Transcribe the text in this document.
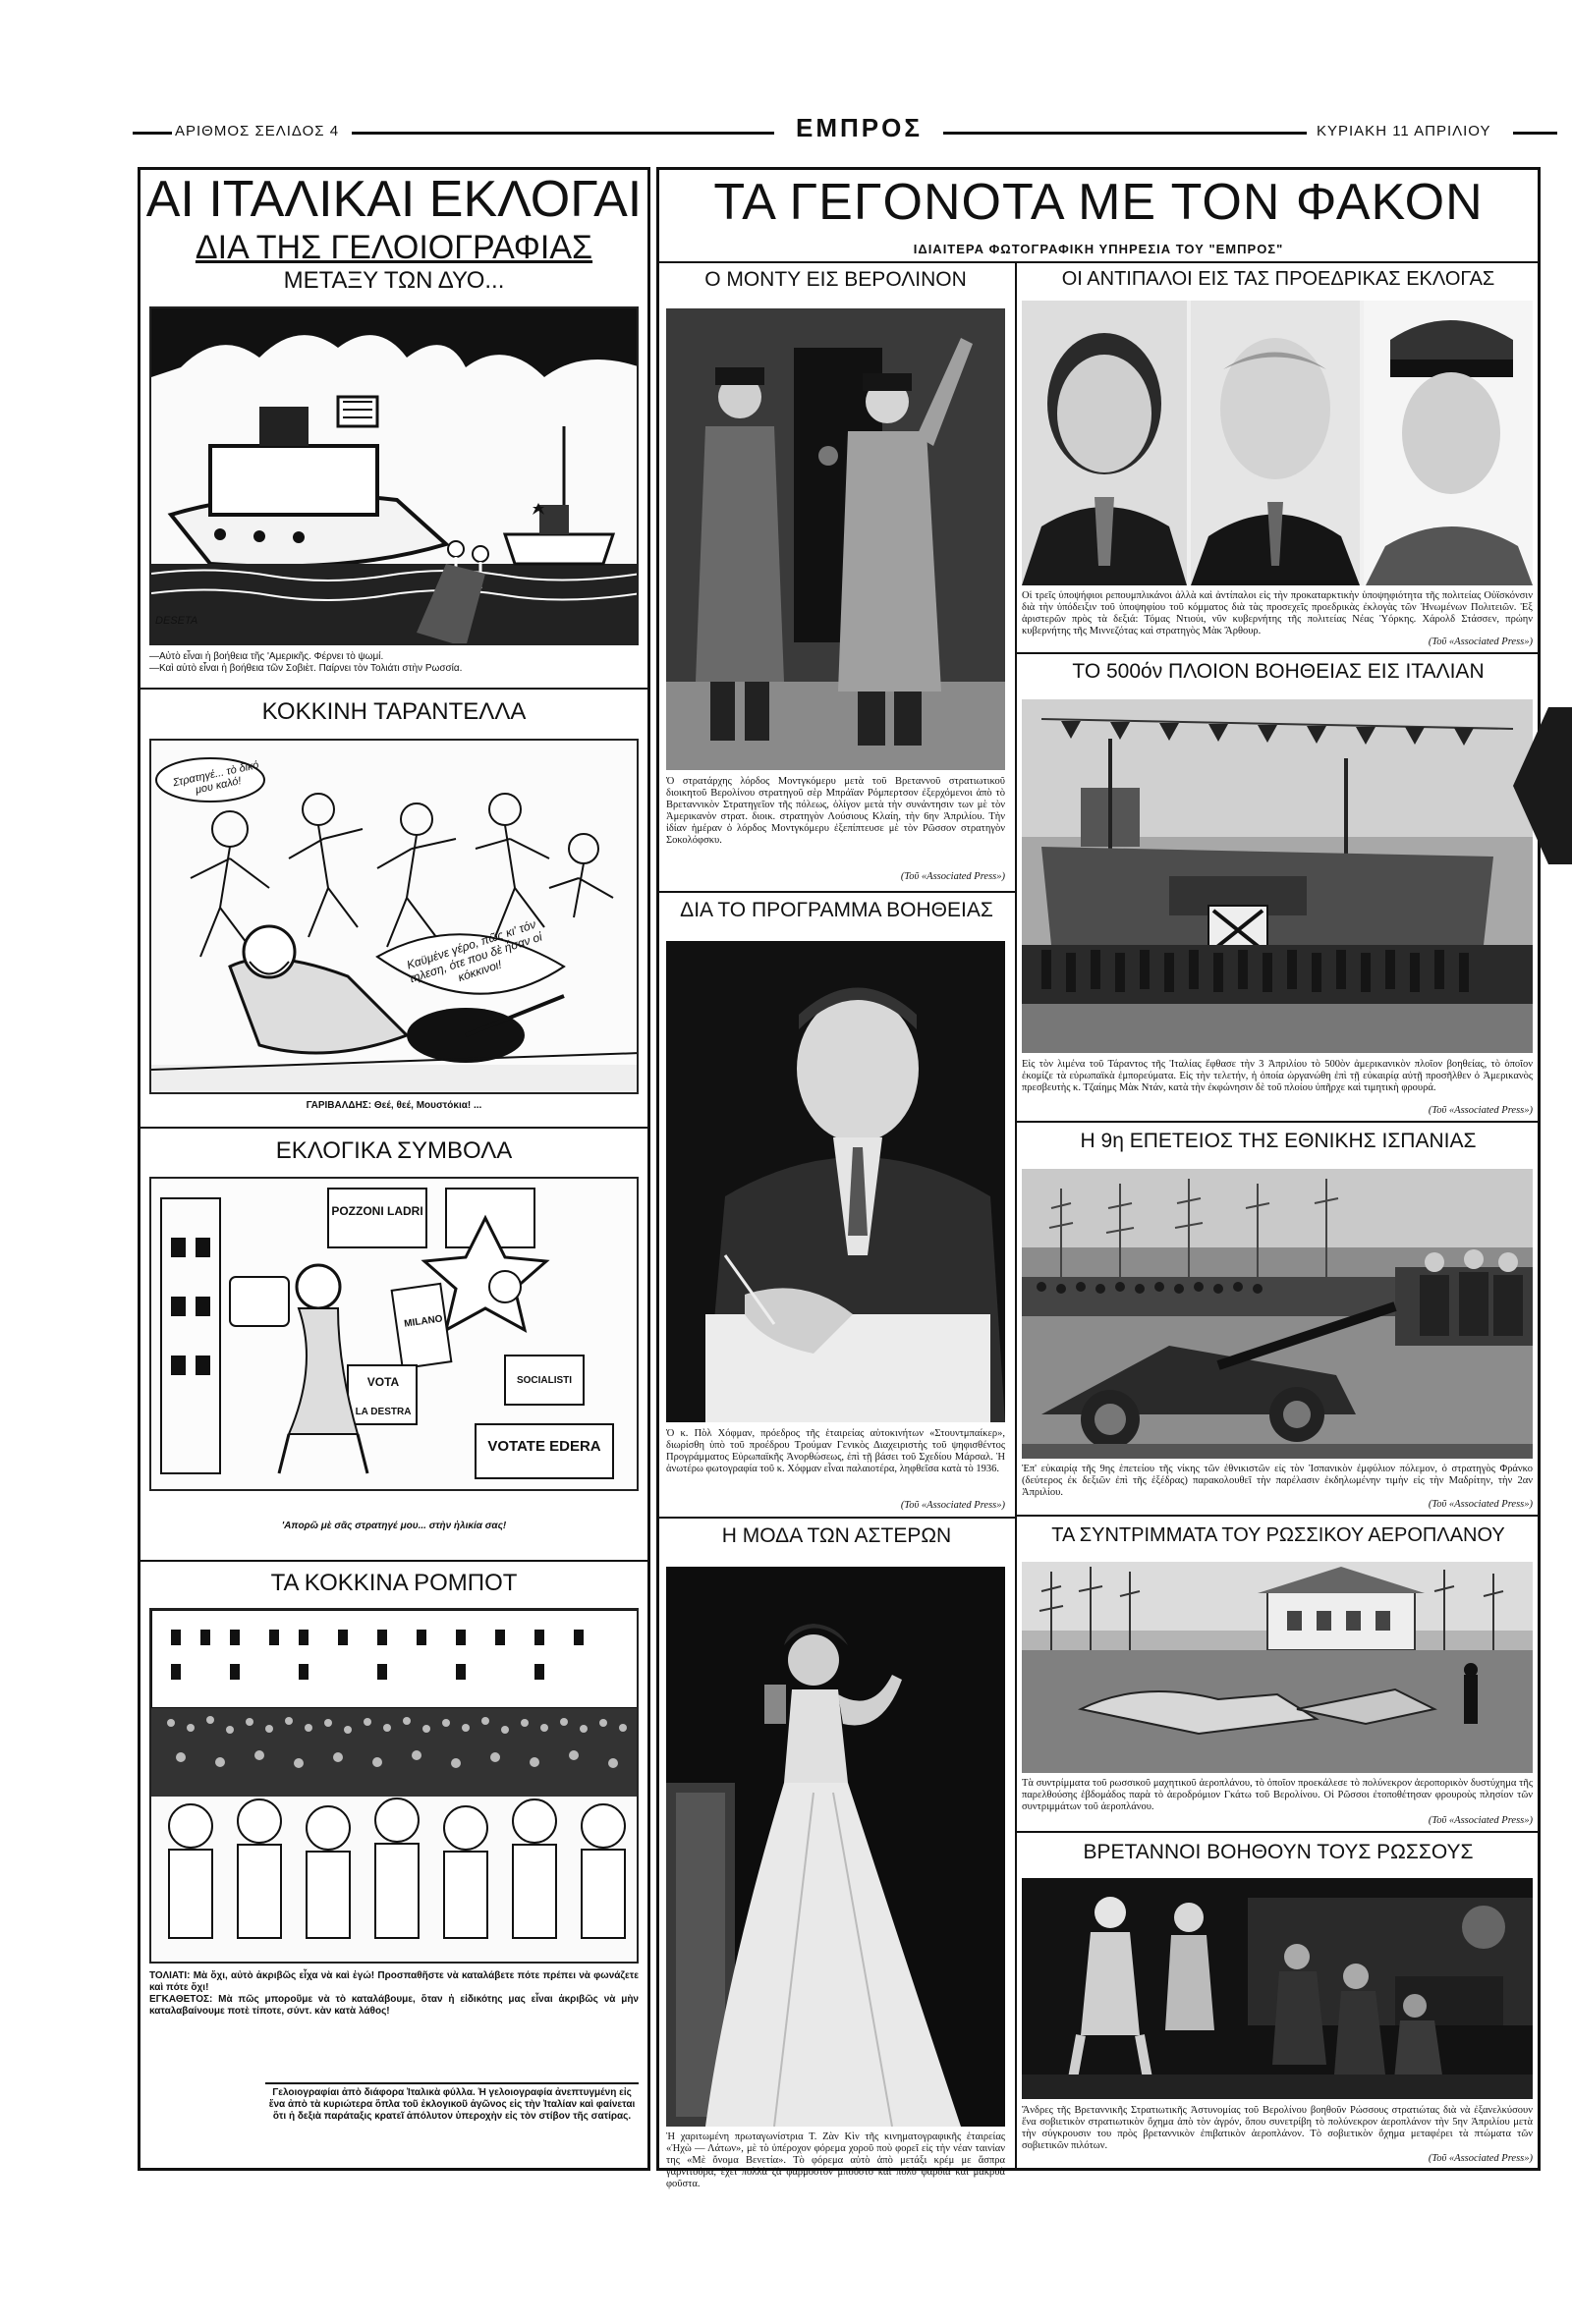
ΑΡΙΘΜΟΣ ΣΕΛΙΔΟΣ 4	ΕΜΠΡΟΣ	ΚΥΡΙΑΚΗ 11 ΑΠΡΙΛΙΟΥ
ΑΙ ΙΤΑΛΙΚΑΙ ΕΚΛΟΓΑΙ
ΔΙΑ ΤΗΣ ΓΕΛΟΙΟΓΡΑΦΙΑΣ
ΜΕΤΑΞΥ ΤΩΝ ΔΥΟ...
DESETA
—Αὐτὸ εἶναι ἡ βοήθεια τῆς 'Αμερικῆς. Φέρνει τὸ ψωμί.
—Καὶ αὐτὸ εἶναι ἡ βοήθεια τῶν Σοβιὲτ. Παίρνει τὸν Τολιάτι στὴν Ρωσσία.
ΚΟΚΚΙΝΗ ΤΑΡΑΝΤΕΛΛΑ
Στρατηγέ... τὸ δικό μου καλό!
Καϋμένε γέρο, πῶς κι' τόν τηλεση, ότε που δὲ ἦσαν οἱ κόκκινοι!
ΓΑΡΙΒΑΛΔΗΣ: Θεέ, θεέ, Μουστόκια! ...
ΕΚΛΟΓΙΚΑ ΣΥΜΒΟΛΑ
POZZONI LADRI
MILANO
VOTA
LA DESTRA
SOCIALISTI
VOTATE EDERA
'Απορῶ μὲ σᾶς στρατηγέ μου... στὴν ἡλικία σας!
ΤΑ ΚΟΚΚΙΝΑ ΡΟΜΠΟΤ
ΤΟΛΙΑΤΙ: Μὰ ὄχι, αὐτὸ ἀκριβῶς εἶχα νὰ καὶ ἐγώ! Προσπαθῆστε νὰ καταλάβετε πότε πρέπει νὰ φωνάζετε καὶ πότε ὄχι!
ΕΓΚΑΘΕΤΟΣ: Μὰ πῶς μποροῦμε νὰ τὸ καταλάβουμε, ὅταν ἡ εἰδικότης μας εἶναι ἀκριβῶς νὰ μὴν καταλαβαίνουμε ποτὲ τίποτε, σύντ. κὰν κατὰ λάθος!
Γελοιογραφίαι ἀπὸ διάφορα Ἰταλικὰ φύλλα. Ἡ γελοιογραφία ἀνεπτυγμένη εἰς ἕνα ἀπὸ τὰ κυριώτερα ὅπλα τοῦ ἐκλογικοῦ ἀγῶνος εἰς τὴν Ἰταλίαν καὶ φαίνεται ὅτι ἡ δεξιὰ παράταξις κρατεῖ ἀπόλυτον ὑπεροχὴν εἰς τὸν στίβον τῆς σατίρας.
ΤΑ ΓΕΓΟΝΟΤΑ ΜΕ ΤΟΝ ΦΑΚΟΝ
ΙΔΙΑΙΤΕΡΑ ΦΩΤΟΓΡΑΦΙΚΗ ΥΠΗΡΕΣΙΑ ΤΟΥ "ΕΜΠΡΟΣ"
Ο ΜΟΝΤΥ ΕΙΣ ΒΕΡΟΛΙΝΟΝ
Ὁ στρατάρχης λόρδος Μοντγκόμερυ μετὰ τοῦ Βρεταννοῦ στρατιωτικοῦ διοικητοῦ Βερολίνου στρατηγοῦ σὲρ Μπράϊαν Ρόμπερτσον ἐξερχόμενοι ἀπὸ τὸ Βρεταννικὸν Στρατηγεῖον τῆς πόλεως, ὀλίγον μετὰ τὴν συνάντησιν των μὲ τὸν Ἀμερικανὸν στρατ. διοικ. στρατηγὸν Λούσιους Κλαίη, τὴν 6ην Ἀπριλίου. Τὴν ἰδίαν ἡμέραν ὁ λόρδος Μοντγκόμερυ ἐξεπίπτευσε μὲ τὸν Ρῶσσον στρατηγὸν Σοκολόφσκυ.
(Τοῦ «Associated Press»)
ΔΙΑ ΤΟ ΠΡΟΓΡΑΜΜΑ ΒΟΗΘΕΙΑΣ
Ὁ κ. Πὸλ Χόφμαν, πρόεδρος τῆς ἑταιρείας αὐτοκινήτων «Στουντμπαίκερ», διωρίσθη ὑπὸ τοῦ προέδρου Τρούμαν Γενικὸς Διαχειριστὴς τοῦ ψηφισθέντος Προγράμματος Εὐρωπαϊκῆς Ἀνορθώσεως, ἐπὶ τῇ βάσει τοῦ Σχεδίου Μάρσαλ. Ἡ ἀνωτέρω φωτογραφία τοῦ κ. Χόφμαν εἶναι παλαιοτέρα, ληφθεῖσα κατὰ τὸ 1936.
(Τοῦ «Associated Press»)
Η ΜΟΔΑ ΤΩΝ ΑΣΤΕΡΩΝ
Ἡ χαριτωμένη πρωταγωνίστρια Τ. Ζὰν Κὶν τῆς κινηματογραφικῆς ἑταιρείας «Ἠχὼ — Λάτων», μὲ τὸ ὑπέροχον φόρεμα χοροῦ ποὺ φορεῖ εἰς τὴν νέαν ταινίαν της «Μὲ ὄνομα Βενετία». Τὸ φόρεμα αὐτὸ ἀπὸ μετάξι κρέμ με ἄσπρα γαρνιτούρα, ἔχει πολλὰ ζὰ φαρμοστὸν μπούστο καὶ πολὺ φαρδιὰ καὶ μακρυὰ φοῦστα.
ΟΙ ΑΝΤΙΠΑΛΟΙ ΕΙΣ ΤΑΣ ΠΡΟΕΔΡΙΚΑΣ ΕΚΛΟΓΑΣ
Οἱ τρεῖς ὑποψήφιοι ρεπουμπλικάνοι ἀλλὰ καὶ ἀντίπαλοι εἰς τὴν προκαταρκτικὴν ὑποψηφιότητα τῆς πολιτείας Οὐϊσκόνσιν διὰ τὴν ὑπόδειξιν τοῦ ὑποψηφίου τοῦ κόμματος διὰ τὰς προσεχεῖς προεδρικὰς ἐκλογὰς τῶν Ἡνωμένων Πολιτειῶν. Ἐξ ἀριστερῶν πρὸς τὰ δεξιά: Τόμας Ντιούι, νῦν κυβερνήτης τῆς πολιτείας Νέας Ὑόρκης. Χάρολδ Στάσσεν, πρώην κυβερνήτης τῆς Μιννεζότας καὶ στρατηγὸς Μὰκ Ἄρθουρ.
(Τοῦ «Associated Press»)
ΤΟ 500όν ΠΛΟΙΟΝ ΒΟΗΘΕΙΑΣ ΕΙΣ ΙΤΑΛΙΑΝ
Εἰς τὸν λιμένα τοῦ Τάραντος τῆς Ἰταλίας ἔφθασε τὴν 3 Ἀπριλίου τὸ 500ὸν ἀμερικανικὸν πλοῖον βοηθείας, τὸ ὁποῖον ἐκομίζε τὰ εὐρωπαϊκὰ ἐμπορεύματα. Εἰς τὴν τελετήν, ἡ ὁποία ὠργανώθη ἐπὶ τῇ εὐκαιρίᾳ αὐτῇ προσῆλθεν ὁ Ἀμερικανὸς πρεσβευτὴς κ. Τζαίημς Μὰκ Ντάν, κατὰ τὴν ἐκφώνησιν δὲ τοῦ πλοίου ὑπῆρχε καὶ τιμητικὴ φρουρά.
(Τοῦ «Associated Press»)
Η 9η ΕΠΕΤΕΙΟΣ ΤΗΣ ΕΘΝΙΚΗΣ ΙΣΠΑΝΙΑΣ
Ἐπ' εὐκαιρίᾳ τῆς 9ης ἐπετείου τῆς νίκης τῶν ἐθνικιστῶν εἰς τὸν Ἱσπανικὸν ἐμφύλιον πόλεμον, ὁ στρατηγὸς Φράνκο (δεύτερος ἐκ δεξιῶν ἐπὶ τῆς ἐξέδρας) παρακολουθεῖ τὴν παρέλασιν ἐκδηλωμένην τιμὴν εἰς τὴν Μαδρίτην, τὴν 2αν Ἀπριλίου.
(Τοῦ «Associated Press»)
ΤΑ ΣΥΝΤΡΙΜΜΑΤΑ ΤΟΥ ΡΩΣΣΙΚΟΥ ΑΕΡΟΠΛΑΝΟΥ
Τὰ συντρίμματα τοῦ ρωσσικοῦ μαχητικοῦ ἀεροπλάνου, τὸ ὁποῖον προεκάλεσε τὸ πολύνεκρον ἀεροπορικὸν δυστύχημα τῆς παρελθούσης ἑβδομάδος παρὰ τὸ ἀεροδρόμιον Γκάτω τοῦ Βερολίνου. Οἱ Ρῶσσοι ἐτοποθέτησαν φρουροὺς πλησίον τῶν συντριμμάτων τοῦ ἀεροπλάνου.
(Τοῦ «Associated Press»)
ΒΡΕΤΑΝΝΟΙ ΒΟΗΘΟΥΝ ΤΟΥΣ ΡΩΣΣΟΥΣ
Ἄνδρες τῆς Βρεταννικῆς Στρατιωτικῆς Ἀστυνομίας τοῦ Βερολίνου βοηθοῦν Ρώσσους στρατιώτας διὰ νὰ ἐξανελκύσουν ἕνα σοβιετικὸν στρατιωτικὸν ὄχημα ἀπὸ τὸν ἀγρόν, ὅπου συνετρίβη τὸ πολύνεκρον ἀεροπλάνον τὴν 5ην Ἀπριλίου μετὰ τὴν σύγκρουσιν του πρὸς βρεταννικὸν ἐπιβατικὸν ἀεροπλάνον. Τὸ σοβιετικὸν ὄχημα μεταφέρει τὰ πτώματα τῶν σοβιετικῶν πιλότων.
(Τοῦ «Associated Press»)
